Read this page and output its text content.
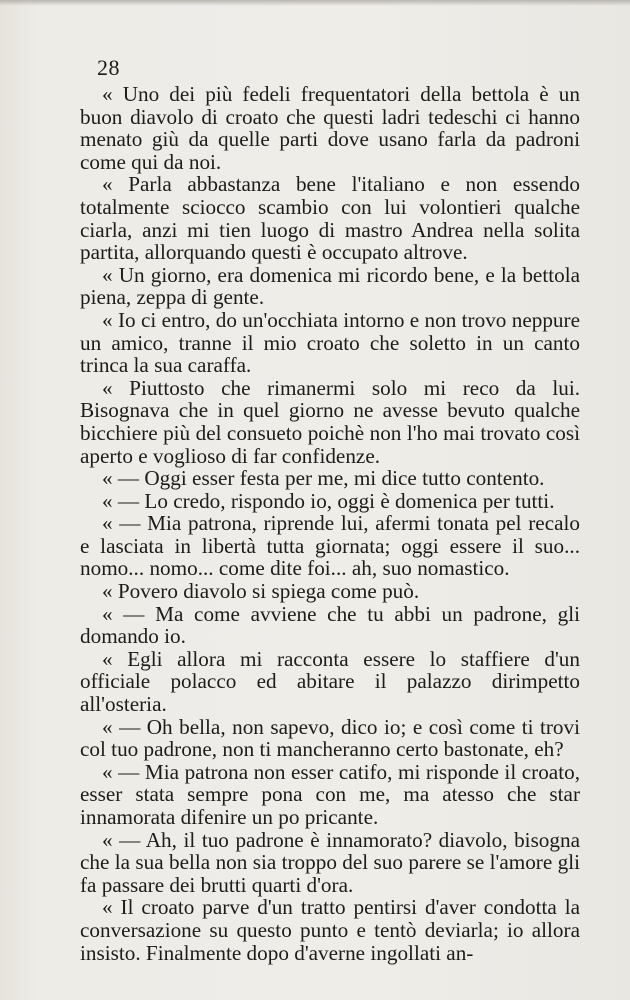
28

« Uno dei più fedeli frequentatori della bettola è un buon diavolo di croato che questi ladri tedeschi ci hanno menato giù da quelle parti dove usano farla da padroni come qui da noi.

« Parla abbastanza bene l'italiano e non essendo totalmente sciocco scambio con lui volontieri qualche ciarla, anzi mi tien luogo di mastro Andrea nella solita partita, allorquando questi è occupato altrove.

« Un giorno, era domenica mi ricordo bene, e la bettola piena, zeppa di gente.

« Io ci entro, do un'occhiata intorno e non trovo neppure un amico, tranne il mio croato che soletto in un canto trinca la sua caraffa.

« Piuttosto che rimanermi solo mi reco da lui. Bisognava che in quel giorno ne avesse bevuto qualche bicchiere più del consueto poichè non l'ho mai trovato così aperto e voglioso di far confidenze.

« — Oggi esser festa per me, mi dice tutto contento.

« — Lo credo, rispondo io, oggi è domenica per tutti.

« — Mia patrona, riprende lui, afermi tonata pel recalo e lasciata in libertà tutta giornata; oggi essere il suo... nomo... nomo... come dite foi... ah, suo nomastico.

« Povero diavolo si spiega come può.

« — Ma come avviene che tu abbi un padrone, gli domando io.

« Egli allora mi racconta essere lo staffiere d'un officiale polacco ed abitare il palazzo dirimpetto all'osteria.

« — Oh bella, non sapevo, dico io; e così come ti trovi col tuo padrone, non ti mancheranno certo bastonate, eh?

« — Mia patrona non esser catifo, mi risponde il croato, esser stata sempre pona con me, ma atesso che star innamorata difenire un po pricante.

« — Ah, il tuo padrone è innamorato? diavolo, bisogna che la sua bella non sia troppo del suo parere se l'amore gli fa passare dei brutti quarti d'ora.

« Il croato parve d'un tratto pentirsi d'aver condotta la conversazione su questo punto e tentò deviarla; io allora insisto. Finalmente dopo d'averne ingollati an-
